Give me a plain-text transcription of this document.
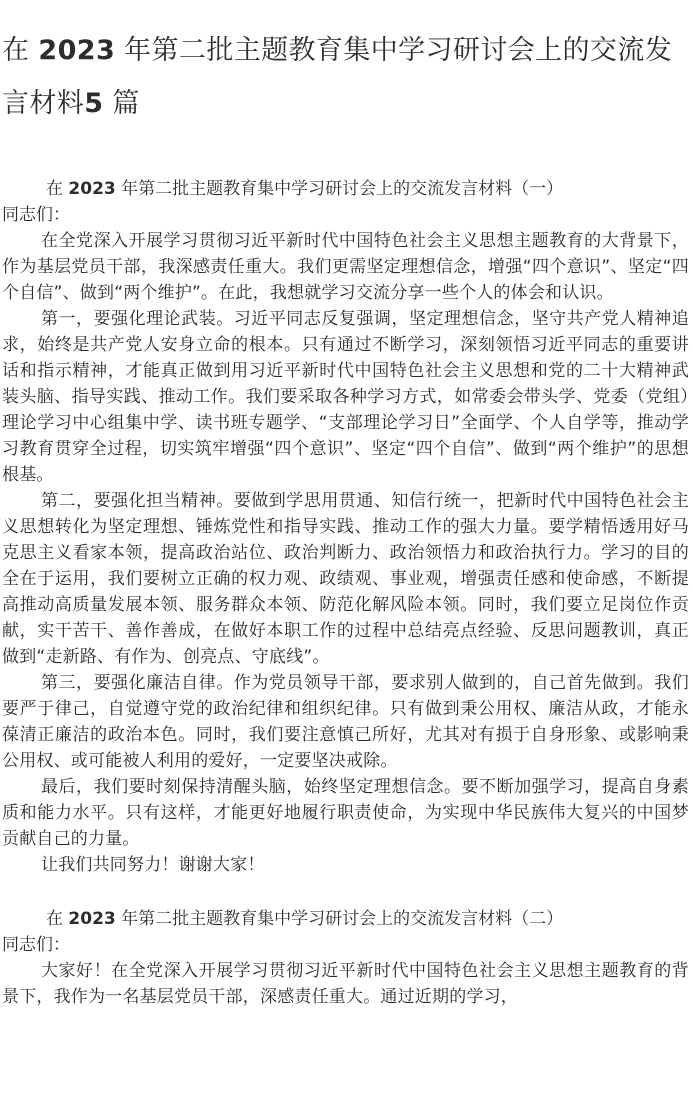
在 2023 年第二批主题教育集中学习研讨会上的交流发言材料5 篇
在 2023 年第二批主题教育集中学习研讨会上的交流发言材料（一）
同志们：

在全党深入开展学习贯彻习近平新时代中国特色社会主义思想主题教育的大背景下，作为基层党员干部，我深感责任重大。我们更需坚定理想信念，增强“四个意识”、坚定“四个自信”、做到“两个维护”。在此，我想就学习交流分享一些个人的体会和认识。

第一，要强化理论武装。习近平同志反复强调，坚定理想信念，坚守共产党人精神追求，始终是共产党人安身立命的根本。只有通过不断学习，深刻领悟习近平同志的重要讲话和指示精神，才能真正做到用习近平新时代中国特色社会主义思想和党的二十大精神武装头脑、指导实践、推动工作。我们要采取各种学习方式，如常委会带头学、党委（党组）理论学习中心组集中学、读书班专题学、“支部理论学习日”全面学、个人自学等，推动学习教育贯穿全过程，切实筑牢增强“四个意识”、坚定“四个自信”、做到“两个维护”的思想根基。

第二，要强化担当精神。要做到学思用贯通、知信行统一，把新时代中国特色社会主义思想转化为坚定理想、锤炼党性和指导实践、推动工作的强大力量。要学精悟透用好马克思主义看家本领，提高政治站位、政治判断力、政治领悟力和政治执行力。学习的目的全在于运用，我们要树立正确的权力观、政绩观、事业观，增强责任感和使命感，不断提高推动高质量发展本领、服务群众本领、防范化解风险本领。同时，我们要立足岗位作贡献，实干苦干、善作善成，在做好本职工作的过程中总结亮点经验、反思问题教训，真正做到“走新路、有作为、创亮点、守底线”。

第三，要强化廉洁自律。作为党员领导干部，要求别人做到的，自己首先做到。我们要严于律己，自觉遵守党的政治纪律和组织纪律。只有做到秉公用权、廉洁从政，才能永葆清正廉洁的政治本色。同时，我们要注意慎己所好，尤其对有损于自身形象、或影响秉公用权、或可能被人利用的爱好，一定要坚决戒除。

最后，我们要时刻保持清醒头脑，始终坚定理想信念。要不断加强学习，提高自身素质和能力水平。只有这样，才能更好地履行职责使命，为实现中华民族伟大复兴的中国梦贡献自己的力量。

让我们共同努力！谢谢大家！

在 2023 年第二批主题教育集中学习研讨会上的交流发言材料（二）
同志们：

大家好！在全党深入开展学习贯彻习近平新时代中国特色社会主义思想主题教育的背景下，我作为一名基层党员干部，深感责任重大。通过近期的学习，
